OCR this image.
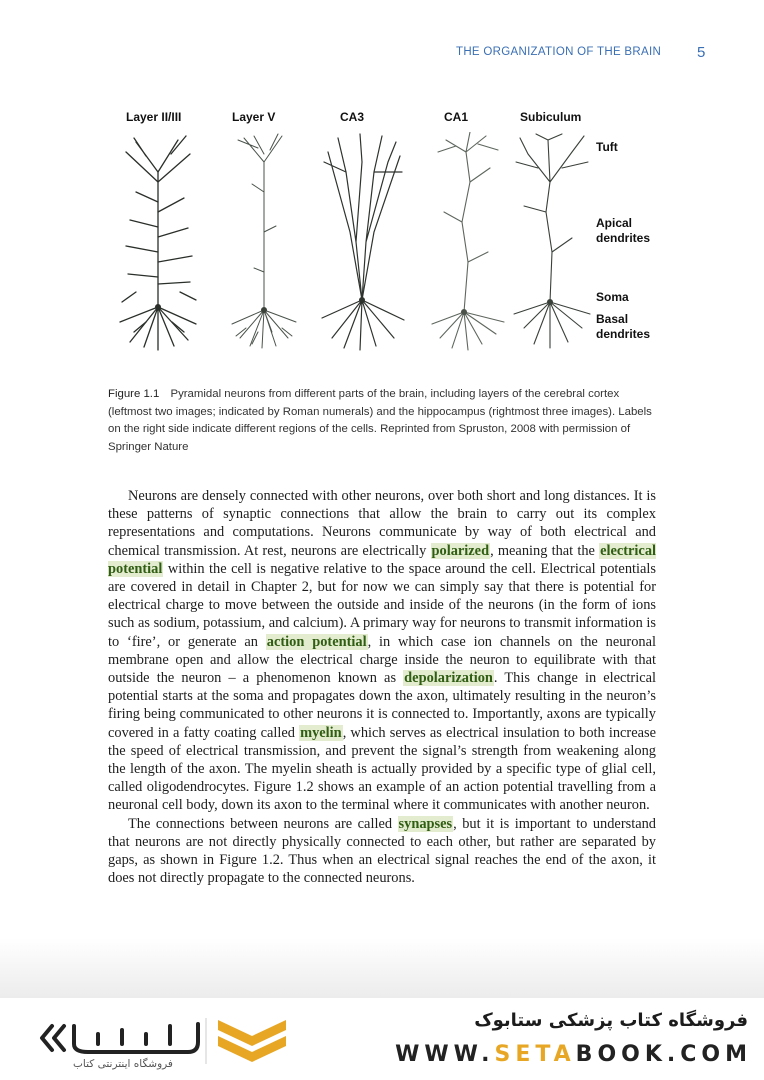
THE ORGANIZATION OF THE BRAIN 5
Layer II/III	Layer V	CA3	CA1	Subiculum
Tuft
Apical
dendrites
Soma
Basal
dendrites
Figure 1.1 Pyramidal neurons from different parts of the brain, including layers of the cerebral cortex (leftmost two images; indicated by Roman numerals) and the hippocampus (rightmost three images). Labels on the right side indicate different regions of the cells. Reprinted from Spruston, 2008 with permission of Springer Nature

Neurons are densely connected with other neurons, over both short and long distances. It is these patterns of synaptic connections that allow the brain to carry out its complex representations and computations. Neurons communicate by way of both electrical and chemical transmission. At rest, neurons are electrically polarized, meaning that the electrical potential within the cell is negative relative to the space around the cell. Electrical potentials are covered in detail in Chapter 2, but for now we can simply say that there is potential for electrical charge to move between the outside and inside of the neurons (in the form of ions such as sodium, potassium, and calcium). A primary way for neurons to transmit information is to ‘fire’, or generate an action potential, in which case ion channels on the neuronal membrane open and allow the electrical charge inside the neuron to equilibrate with that outside the neuron – a phenomenon known as depolarization. This change in electrical potential starts at the soma and propagates down the axon, ultimately resulting in the neuron’s firing being communicated to other neurons it is connected to. Importantly, axons are typically covered in a fatty coating called myelin, which serves as electrical insulation to both increase the speed of electrical transmission, and prevent the signal’s strength from weakening along the length of the axon. The myelin sheath is actually provided by a specific type of glial cell, called oligodendrocytes. Figure 1.2 shows an example of an action potential travelling from a neuronal cell body, down its axon to the terminal where it communicates with another neuron.

The connections between neurons are called synapses, but it is important to understand that neurons are not directly physically connected to each other, but rather are separated by gaps, as shown in Figure 1.2. Thus when an electrical signal reaches the end of the axon, it does not directly propagate to the connected neurons.

فروشگاه اینترنتی کتاب
فروشگاه کتاب پزشکی ستابوک
WWW.SETABOOK.COM
